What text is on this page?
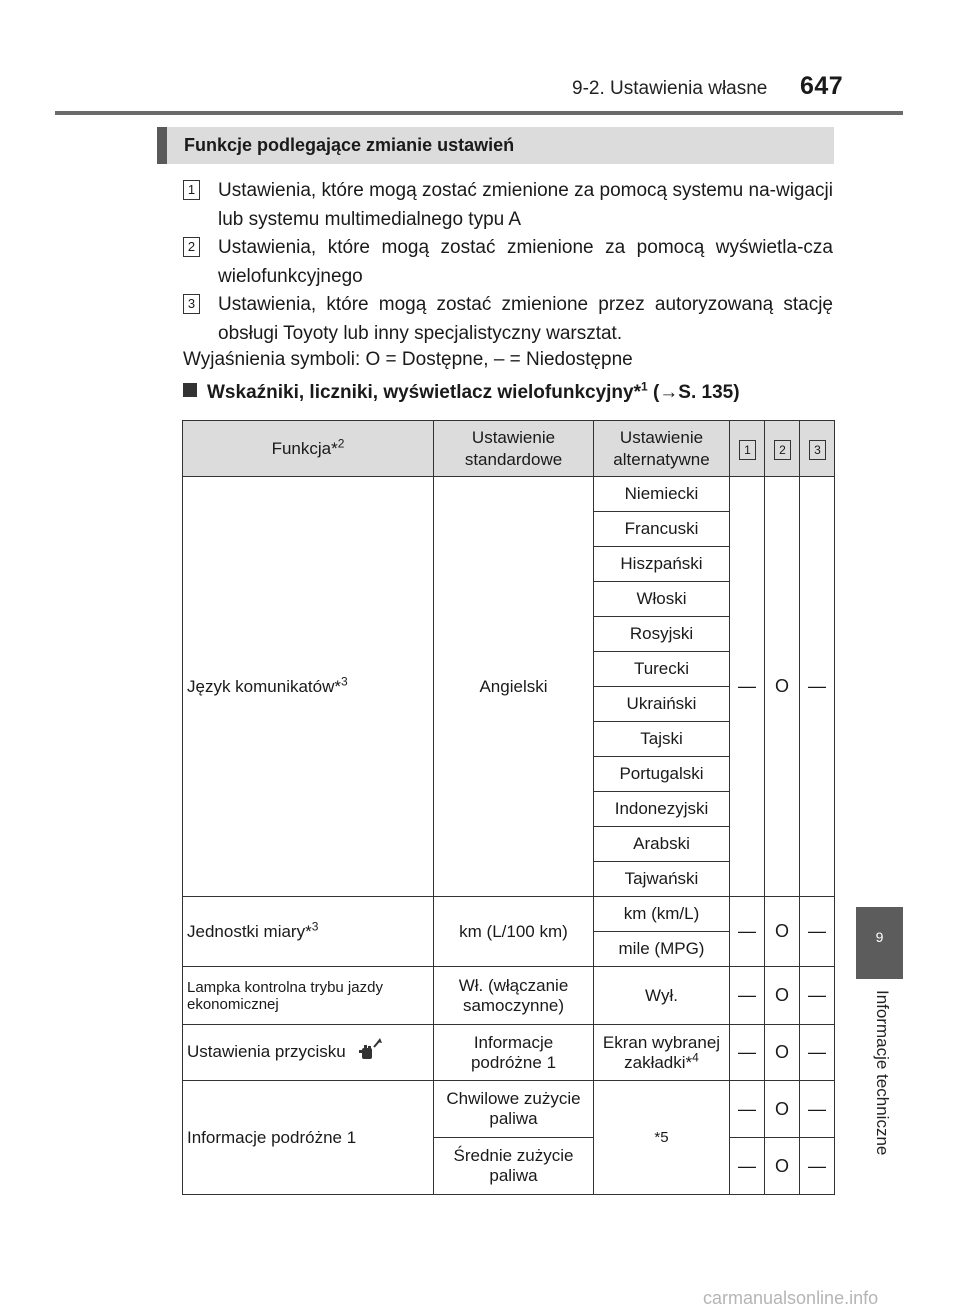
9-2. Ustawienia własne 647
9
Informacje techniczne
Funkcje podlegające zmianie ustawień
1 Ustawienia, które mogą zostać zmienione za pomocą systemu na-wigacji lub systemu multimedialnego typu A
2 Ustawienia, które mogą zostać zmienione za pomocą wyświetla-cza wielofunkcyjnego
3 Ustawienia, które mogą zostać zmienione przez autoryzowaną stację obsługi Toyoty lub inny specjalistyczny warsztat.
Wyjaśnienia symboli: O = Dostępne, – = Niedostępne
Wskaźniki, liczniki, wyświetlacz wielofunkcyjny*$^1$ (→S. 135)
Funkcja*$^2$	Ustawienie standardowe	Ustawienie alternatywne	1	2	3
Język komunikatów*$^3$	Angielski	Niemiecki	—	O	—
		Francuski			
		Hiszpański			
		Włoski			
		Rosyjski			
		Turecki			
		Ukraiński			
		Tajski			
		Portugalski			
		Indonezyjski			
		Arabski			
		Tajwański			
Jednostki miary*$^3$	km (L/100 km)	km (km/L)	—	O	—
		mile (MPG)			
Lampka kontrolna trybu jazdy ekonomicznej	Wł. (włączanie samoczynne)	Wył.	—	O	—
Ustawienia przycisku	Informacje podróżne 1	Ekran wybranej zakładki*$^4$	—	O	—
Informacje podróżne 1	Chwilowe zużycie paliwa	*5	—	O	—
	Średnie zużycie paliwa		—	O	—
carmanualsonline.info
